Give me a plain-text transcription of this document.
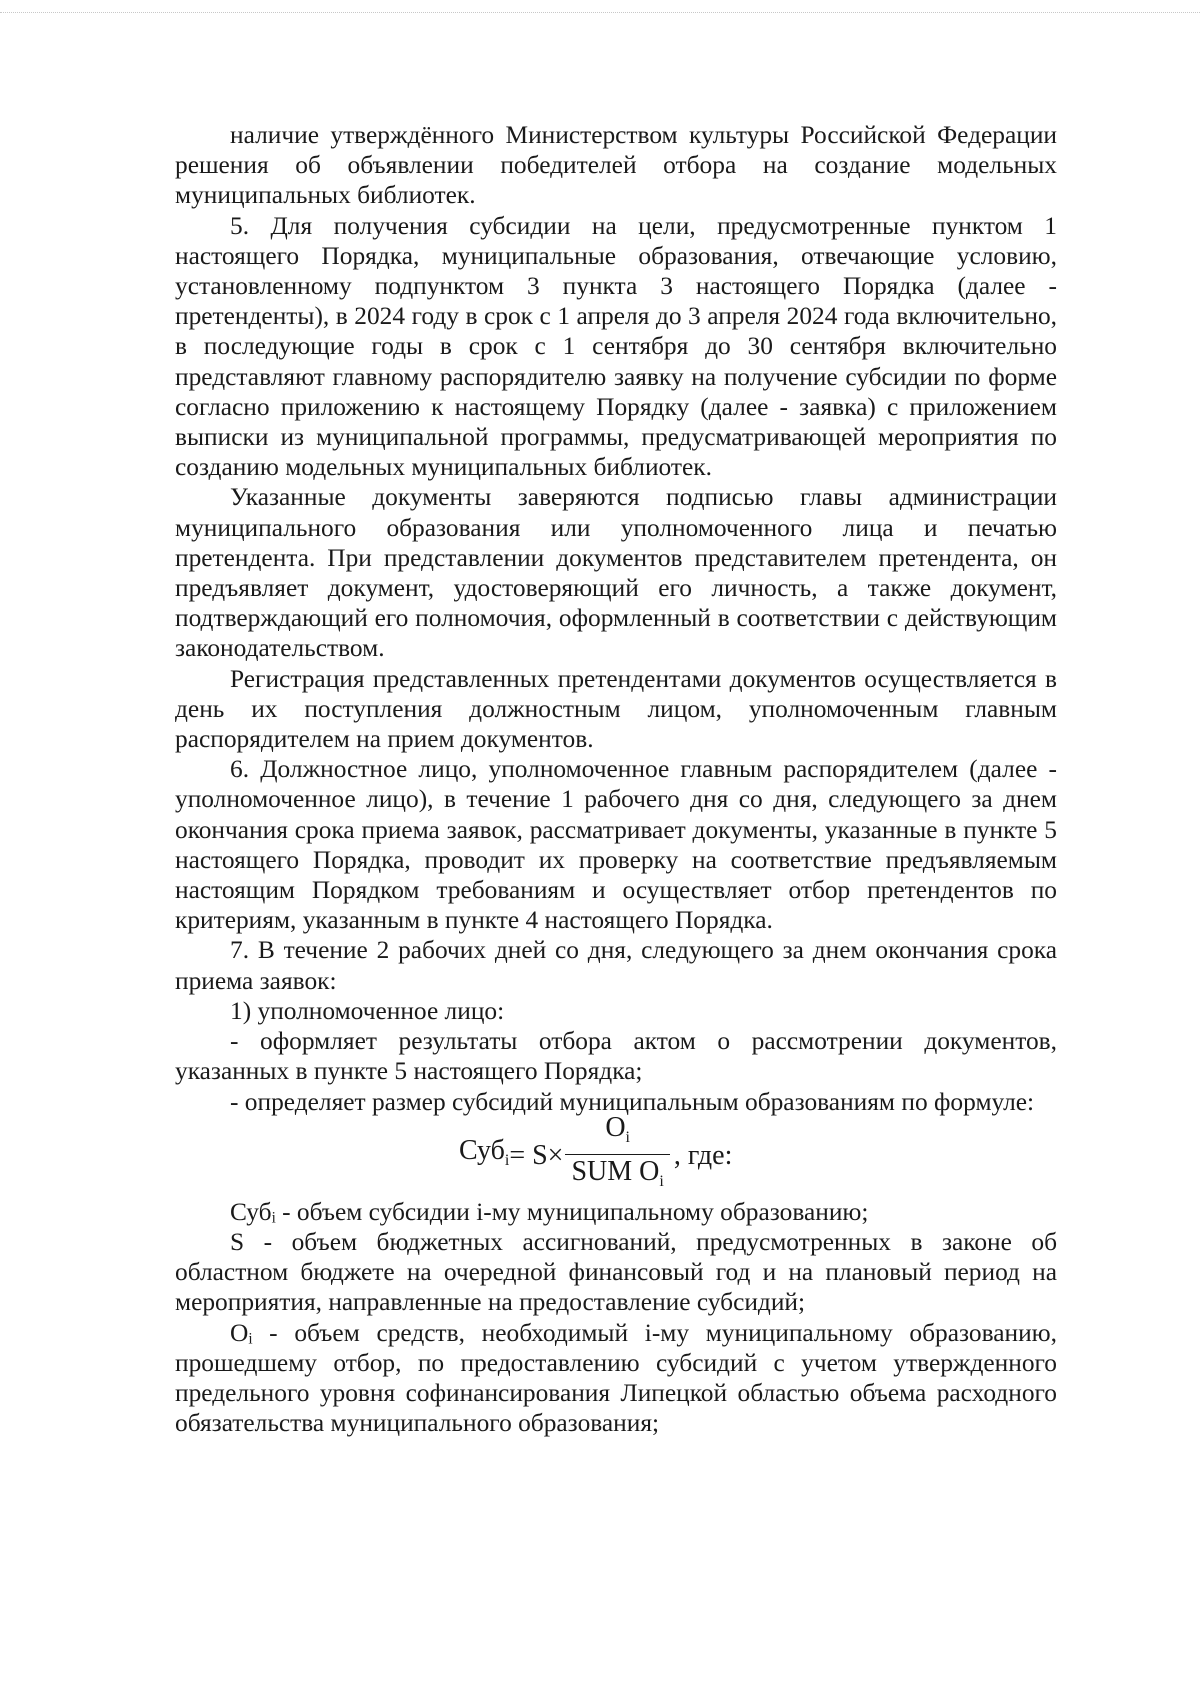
наличие утверждённого Министерством культуры Российской Федерации решения об объявлении победителей отбора на создание модельных муниципальных библиотек.

5. Для получения субсидии на цели, предусмотренные пунктом 1 настоящего Порядка, муниципальные образования, отвечающие условию, установленному подпунктом 3 пункта 3 настоящего Порядка (далее - претенденты), в 2024 году в срок с 1 апреля до 3 апреля 2024 года включительно, в последующие годы в срок с 1 сентября до 30 сентября включительно представляют главному распорядителю заявку на получение субсидии по форме согласно приложению к настоящему Порядку (далее - заявка) с приложением выписки из муниципальной программы, предусматривающей мероприятия по созданию модельных муниципальных библиотек.

Указанные документы заверяются подписью главы администрации муниципального образования или уполномоченного лица и печатью претендента. При представлении документов представителем претендента, он предъявляет документ, удостоверяющий его личность, а также документ, подтверждающий его полномочия, оформленный в соответствии с действующим законодательством.

Регистрация представленных претендентами документов осуществляется в день их поступления должностным лицом, уполномоченным главным распорядителем на прием документов.

6. Должностное лицо, уполномоченное главным распорядителем (далее - уполномоченное лицо), в течение 1 рабочего дня со дня, следующего за днем окончания срока приема заявок, рассматривает документы, указанные в пункте 5 настоящего Порядка, проводит их проверку на соответствие предъявляемым настоящим Порядком требованиям и осуществляет отбор претендентов по критериям, указанным в пункте 4 настоящего Порядка.

7. В течение 2 рабочих дней со дня, следующего за днем окончания срока приема заявок:

1) уполномоченное лицо:

- оформляет результаты отбора актом о рассмотрении документов, указанных в пункте 5 настоящего Порядка;

- определяет размер субсидий муниципальным образованиям по формуле:

$Суб_i = S\times \frac{O_i}{SUM O_i}$ , где:

Субᵢ - объем субсидии i-му муниципальному образованию;

S - объем бюджетных ассигнований, предусмотренных в законе об областном бюджете на очередной финансовый год и на плановый период на мероприятия, направленные на предоставление субсидий;

Oᵢ - объем средств, необходимый i-му муниципальному образованию, прошедшему отбор, по предоставлению субсидий с учетом утвержденного предельного уровня софинансирования Липецкой областью объема расходного обязательства муниципального образования;
